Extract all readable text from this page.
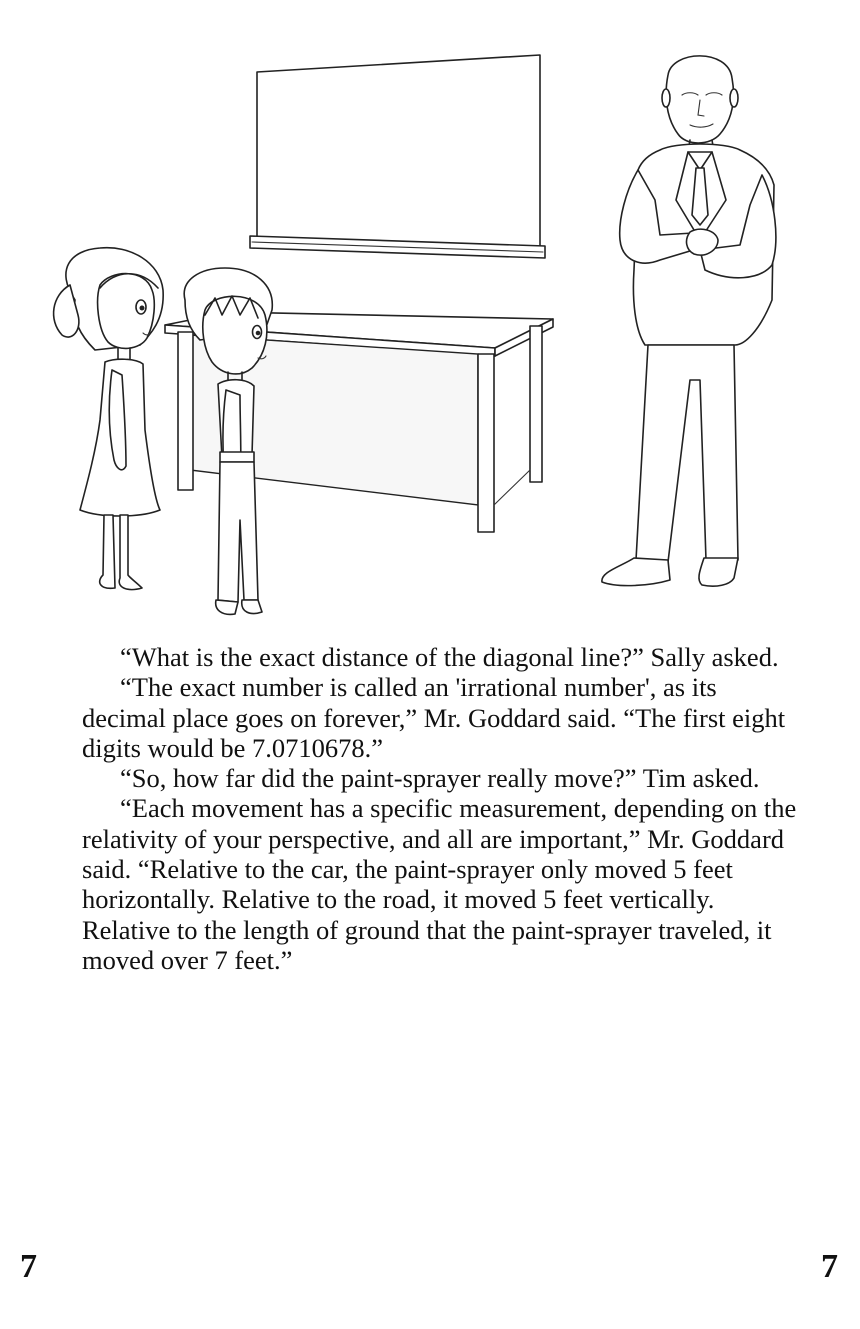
“What is the exact distance of the diagonal line?” Sally asked.

“The exact number is called an 'irrational number', as its decimal place goes on forever,” Mr. Goddard said. “The first eight digits would be 7.0710678.”

“So, how far did the paint-sprayer really move?” Tim asked.

“Each movement has a specific measurement, depending on the relativity of your perspective, and all are important,” Mr. Goddard said. “Relative to the car, the paint-sprayer only moved 5 feet horizontally. Relative to the road, it moved 5 feet vertically. Relative to the length of ground that the paint-sprayer traveled, it moved over 7 feet.”

7	7
